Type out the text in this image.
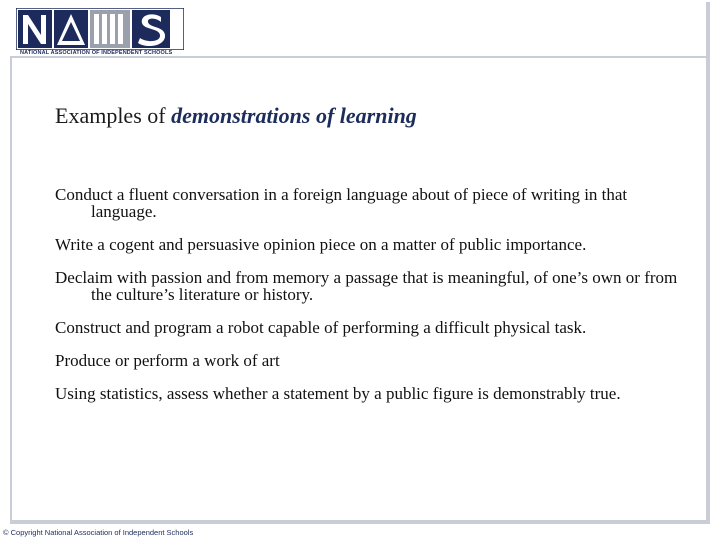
NATIONAL ASSOCIATION OF INDEPENDENT SCHOOLS
Examples of demonstrations of learning
Conduct a fluent conversation in a foreign language about of piece of writing in that language.
Write a cogent and persuasive opinion piece on a matter of public importance.
Declaim with passion and from memory a passage that is meaningful, of one’s own or from the culture’s literature or history.
Construct and program a robot capable of performing a difficult physical task.
Produce or perform a work of art
Using statistics, assess whether a statement by a public figure is demonstrably true.
© Copyright National Association of Independent Schools
